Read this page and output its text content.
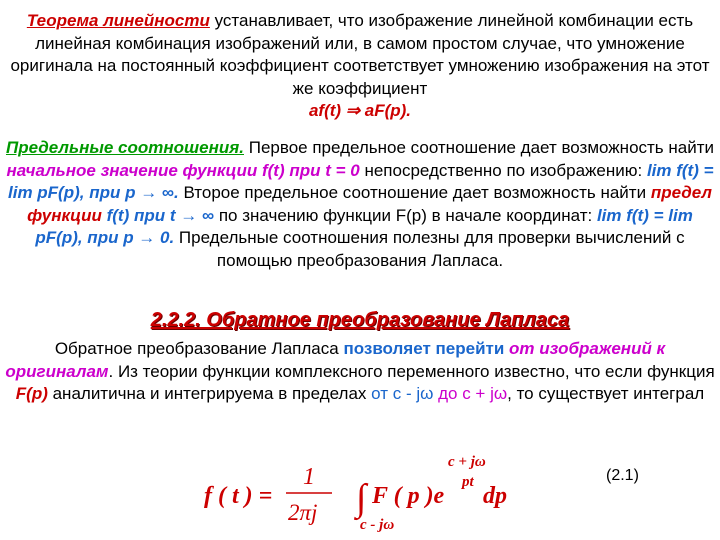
Теорема линейности устанавливает, что изображение линейной комбинации есть линейная комбинация изображений или, в самом простом случае, что умножение оригинала на постоянный коэффициент соответствует умножению изображения на этот же коэффициент
af(t) ⇒ aF(p).
Предельные соотношения. Первое предельное соотношение дает возможность найти начальное значение функции f(t) при t = 0 непосредственно по изображению: lim f(t) = lim pF(p), при p → ∞. Второе предельное соотношение дает возможность найти предел функции f(t) при t → ∞ по значению функции F(p) в начале координат: lim f(t) = lim pF(p), при p → 0. Предельные соотношения полезны для проверки вычислений с помощью преобразования Лапласа.
2.2.2. Обратное преобразование Лапласа
Обратное преобразование Лапласа позволяет перейти от изображений к оригиналам. Из теории функции комплексного переменного известно, что если функция F(p) аналитична и интегрируема в пределах от c - jω до c + jω, то существует интеграл
c + jω
f ( t ) =
1
2πj ∫ F ( p )e
pt
dp
c - jω
(2.1)
